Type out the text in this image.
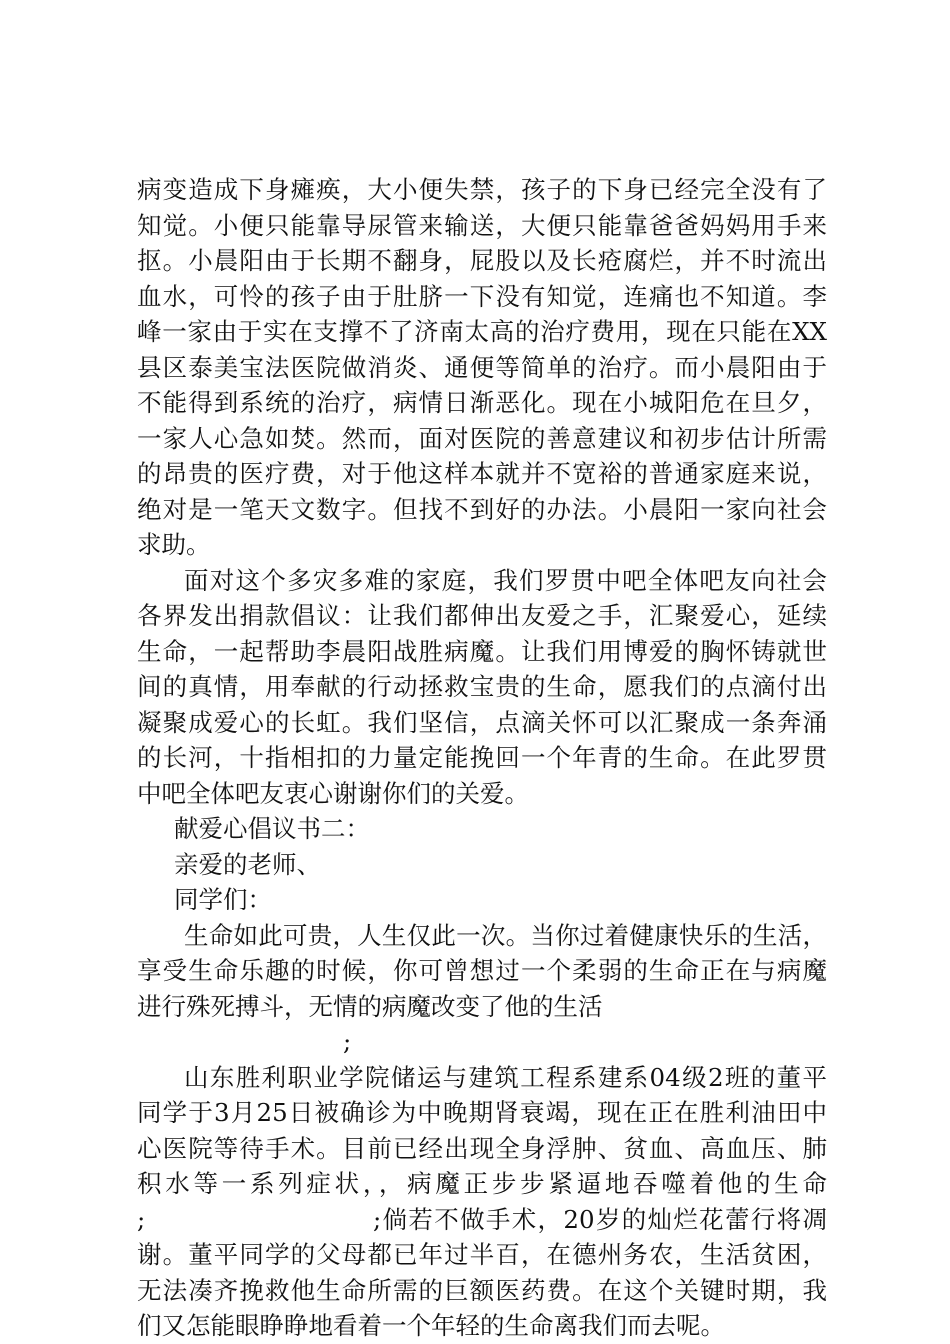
病变造成下身瘫痪，大小便失禁，孩子的下身已经完全没有了
知觉。小便只能靠导尿管来输送，大便只能靠爸爸妈妈用手来
抠。小晨阳由于长期不翻身，屁股以及长疮腐烂，并不时流出
血水，可怜的孩子由于肚脐一下没有知觉，连痛也不知道。李
峰一家由于实在支撑不了济南太高的治疗费用，现在只能在XX
县区泰美宝法医院做消炎、通便等简单的治疗。而小晨阳由于
不能得到系统的治疗，病情日渐恶化。现在小城阳危在旦夕，
一家人心急如焚。然而，面对医院的善意建议和初步估计所需
的昂贵的医疗费，对于他这样本就并不宽裕的普通家庭来说，
绝对是一笔天文数字。但找不到好的办法。小晨阳一家向社会
求助。
面对这个多灾多难的家庭，我们罗贯中吧全体吧友向社会
各界发出捐款倡议：让我们都伸出友爱之手，汇聚爱心，延续
生命，一起帮助李晨阳战胜病魔。让我们用博爱的胸怀铸就世
间的真情，用奉献的行动拯救宝贵的生命，愿我们的点滴付出
凝聚成爱心的长虹。我们坚信，点滴关怀可以汇聚成一条奔涌
的长河，十指相扣的力量定能挽回一个年青的生命。在此罗贯
中吧全体吧友衷心谢谢你们的关爱。
献爱心倡议书二：
亲爱的老师、
同学们：
生命如此可贵，人生仅此一次。当你过着健康快乐的生活，
享受生命乐趣的时候，你可曾想过一个柔弱的生命正在与病魔
进行殊死搏斗，无情的病魔改变了他的生活
;
山东胜利职业学院储运与建筑工程系建系04级2班的董平
同学于3月25日被确诊为中晚期肾衰竭，现在正在胜利油田中
心医院等待手术。目前已经出现全身浮肿、贫血、高血压、肺
积水等一系列症状，，病魔正步步紧逼地吞噬着他的生命
;	;倘若不做手术，20岁的灿烂花蕾行将凋
谢。董平同学的父母都已年过半百，在德州务农，生活贫困，
无法凑齐挽救他生命所需的巨额医药费。在这个关键时期，我
们又怎能眼睁睁地看着一个年轻的生命离我们而去呢。
